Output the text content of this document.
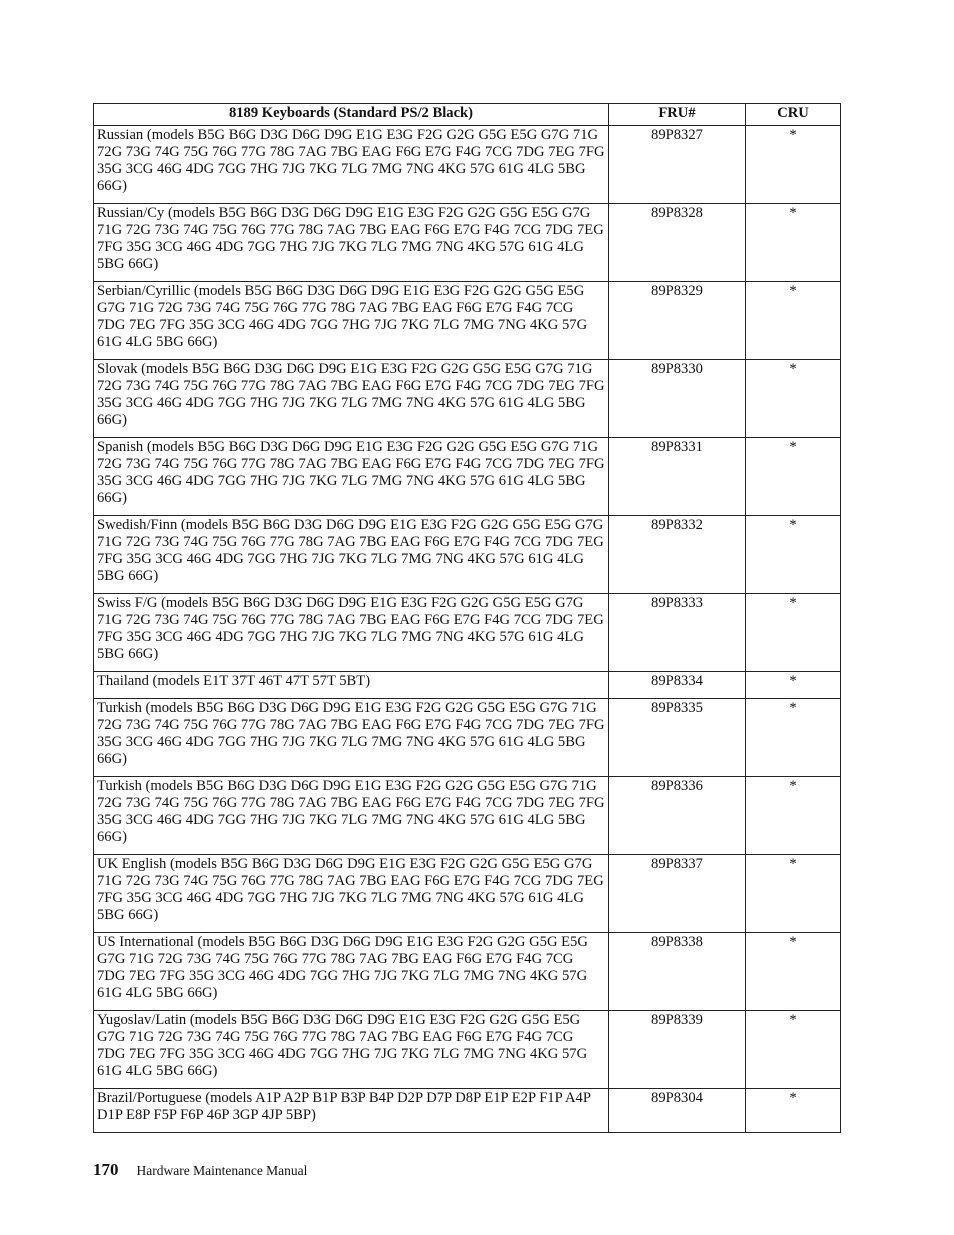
8189 Keyboards (Standard PS/2 Black)	FRU#	CRU
Russian (models B5G B6G D3G D6G D9G E1G E3G F2G G2G G5G E5G G7G 71G 72G 73G 74G 75G 76G 77G 78G 7AG 7BG EAG F6G E7G F4G 7CG 7DG 7EG 7FG 35G 3CG 46G 4DG 7GG 7HG 7JG 7KG 7LG 7MG 7NG 4KG 57G 61G 4LG 5BG 66G)	89P8327	*
Russian/Cy (models B5G B6G D3G D6G D9G E1G E3G F2G G2G G5G E5G G7G 71G 72G 73G 74G 75G 76G 77G 78G 7AG 7BG EAG F6G E7G F4G 7CG 7DG 7EG 7FG 35G 3CG 46G 4DG 7GG 7HG 7JG 7KG 7LG 7MG 7NG 4KG 57G 61G 4LG 5BG 66G)	89P8328	*
Serbian/Cyrillic (models B5G B6G D3G D6G D9G E1G E3G F2G G2G G5G E5G G7G 71G 72G 73G 74G 75G 76G 77G 78G 7AG 7BG EAG F6G E7G F4G 7CG 7DG 7EG 7FG 35G 3CG 46G 4DG 7GG 7HG 7JG 7KG 7LG 7MG 7NG 4KG 57G 61G 4LG 5BG 66G)	89P8329	*
Slovak (models B5G B6G D3G D6G D9G E1G E3G F2G G2G G5G E5G G7G 71G 72G 73G 74G 75G 76G 77G 78G 7AG 7BG EAG F6G E7G F4G 7CG 7DG 7EG 7FG 35G 3CG 46G 4DG 7GG 7HG 7JG 7KG 7LG 7MG 7NG 4KG 57G 61G 4LG 5BG 66G)	89P8330	*
Spanish (models B5G B6G D3G D6G D9G E1G E3G F2G G2G G5G E5G G7G 71G 72G 73G 74G 75G 76G 77G 78G 7AG 7BG EAG F6G E7G F4G 7CG 7DG 7EG 7FG 35G 3CG 46G 4DG 7GG 7HG 7JG 7KG 7LG 7MG 7NG 4KG 57G 61G 4LG 5BG 66G)	89P8331	*
Swedish/Finn (models B5G B6G D3G D6G D9G E1G E3G F2G G2G G5G E5G G7G 71G 72G 73G 74G 75G 76G 77G 78G 7AG 7BG EAG F6G E7G F4G 7CG 7DG 7EG 7FG 35G 3CG 46G 4DG 7GG 7HG 7JG 7KG 7LG 7MG 7NG 4KG 57G 61G 4LG 5BG 66G)	89P8332	*
Swiss F/G (models B5G B6G D3G D6G D9G E1G E3G F2G G2G G5G E5G G7G 71G 72G 73G 74G 75G 76G 77G 78G 7AG 7BG EAG F6G E7G F4G 7CG 7DG 7EG 7FG 35G 3CG 46G 4DG 7GG 7HG 7JG 7KG 7LG 7MG 7NG 4KG 57G 61G 4LG 5BG 66G)	89P8333	*
Thailand (models E1T 37T 46T 47T 57T 5BT)	89P8334	*
Turkish (models B5G B6G D3G D6G D9G E1G E3G F2G G2G G5G E5G G7G 71G 72G 73G 74G 75G 76G 77G 78G 7AG 7BG EAG F6G E7G F4G 7CG 7DG 7EG 7FG 35G 3CG 46G 4DG 7GG 7HG 7JG 7KG 7LG 7MG 7NG 4KG 57G 61G 4LG 5BG 66G)	89P8335	*
Turkish (models B5G B6G D3G D6G D9G E1G E3G F2G G2G G5G E5G G7G 71G 72G 73G 74G 75G 76G 77G 78G 7AG 7BG EAG F6G E7G F4G 7CG 7DG 7EG 7FG 35G 3CG 46G 4DG 7GG 7HG 7JG 7KG 7LG 7MG 7NG 4KG 57G 61G 4LG 5BG 66G)	89P8336	*
UK English (models B5G B6G D3G D6G D9G E1G E3G F2G G2G G5G E5G G7G 71G 72G 73G 74G 75G 76G 77G 78G 7AG 7BG EAG F6G E7G F4G 7CG 7DG 7EG 7FG 35G 3CG 46G 4DG 7GG 7HG 7JG 7KG 7LG 7MG 7NG 4KG 57G 61G 4LG 5BG 66G)	89P8337	*
US International (models B5G B6G D3G D6G D9G E1G E3G F2G G2G G5G E5G G7G 71G 72G 73G 74G 75G 76G 77G 78G 7AG 7BG EAG F6G E7G F4G 7CG 7DG 7EG 7FG 35G 3CG 46G 4DG 7GG 7HG 7JG 7KG 7LG 7MG 7NG 4KG 57G 61G 4LG 5BG 66G)	89P8338	*
Yugoslav/Latin (models B5G B6G D3G D6G D9G E1G E3G F2G G2G G5G E5G G7G 71G 72G 73G 74G 75G 76G 77G 78G 7AG 7BG EAG F6G E7G F4G 7CG 7DG 7EG 7FG 35G 3CG 46G 4DG 7GG 7HG 7JG 7KG 7LG 7MG 7NG 4KG 57G 61G 4LG 5BG 66G)	89P8339	*
Brazil/Portuguese (models A1P A2P B1P B3P B4P D2P D7P D8P E1P E2P F1P A4P D1P E8P F5P F6P 46P 3GP 4JP 5BP)	89P8304	*
170 Hardware Maintenance Manual
